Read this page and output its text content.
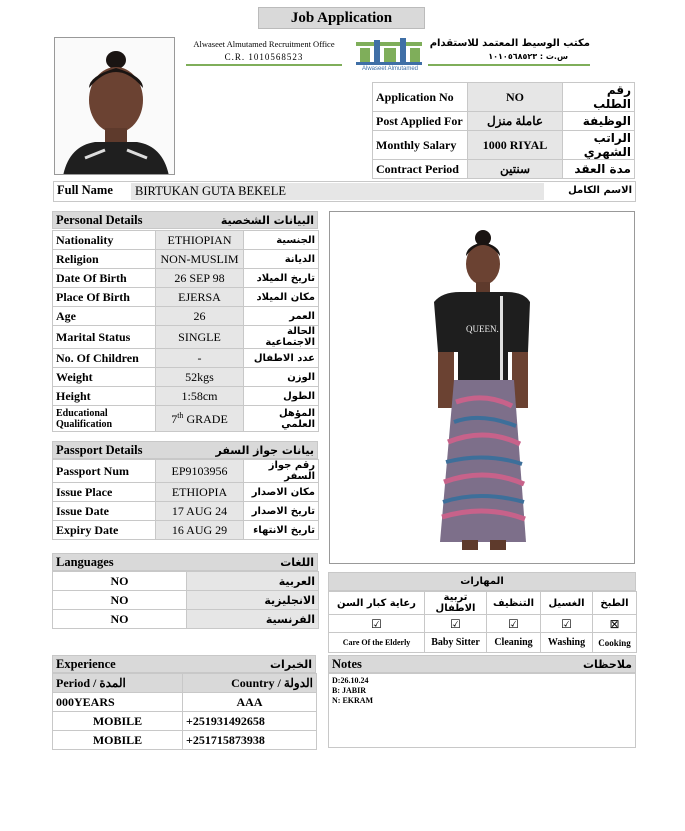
Job Application
Alwaseet Almutamed Recruitment Office
C.R. 1010568523
مكتب الوسيط المعتمد للاستقدام
س.ت : ١٠١٠٥٦٨٥٢٣
Alwaseet Almutamed
Application No	NO	رقم الطلب
Post Applied For	عاملة منزل	الوظيفة
Monthly Salary	1000 RIYAL	الراتب الشهري
Contract Period	سنتين	مدة العقد
Full Name	BIRTUKAN GUTA BEKELE	الاسم الكامل
Personal Details	البيانات الشخصية
Nationality	ETHIOPIAN	الجنسية
Religion	NON-MUSLIM	الديانة
Date Of Birth	26 SEP 98	تاريخ الميلاد
Place Of Birth	EJERSA	مكان الميلاد
Age	26	العمر
Marital Status	SINGLE	الحالة الاجتماعية
No. Of Children	-	عدد الاطفال
Weight	52kgs	الوزن
Height	1:58cm	الطول
Educational Qualification	7th GRADE	المؤهل العلمي
Passport Details	بيانات جواز السفر
Passport Num	EP9103956	رقم جواز السفر
Issue Place	ETHIOPIA	مكان الاصدار
Issue Date	17 AUG 24	تاريخ الاصدار
Expiry Date	16 AUG 29	تاريخ الانتهاء
QUEEN.
Languages	اللغات
NO	العربية
NO	الانجليزية
NO	الفرنسية
المهارات
رعاية كبار السن	تربية الاطفال	التنظيف	الغسيل	الطبخ
☑	☑	☑	☑	⊠
Care Of the Elderly	Baby Sitter	Cleaning	Washing	Cooking
Experience	الخبرات
Period / المدة	Country / الدولة
000YEARS	AAA
MOBILE	+251931492658
MOBILE	+251715873938
Notes	ملاحظات
D:26.10.24
B: JABIR
N: EKRAM
